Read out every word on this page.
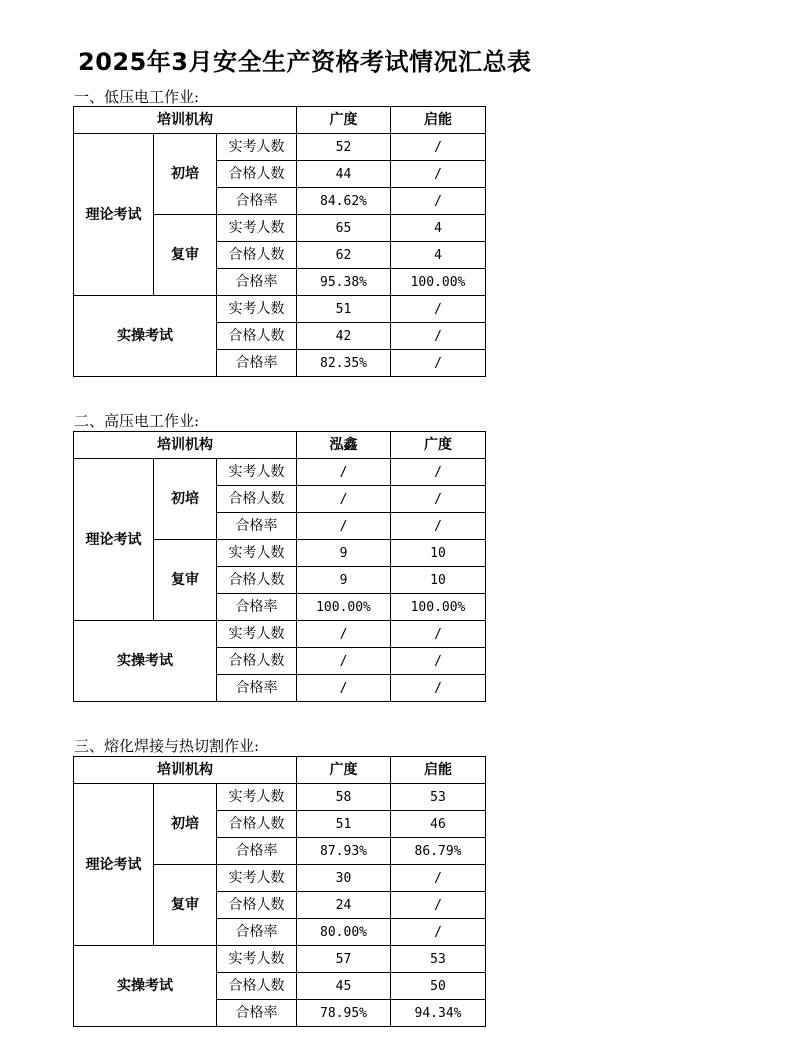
2025年3月安全生产资格考试情况汇总表
一、低压电工作业:
培训机构			广度	启能
理论考试	初培	实考人数	52	/
		合格人数	44	/
		合格率	84.62%	/
	复审	实考人数	65	4
		合格人数	62	4
		合格率	95.38%	100.00%
实操考试		实考人数	51	/
		合格人数	42	/
		合格率	82.35%	/
二、高压电工作业:
培训机构			泓鑫	广度
理论考试	初培	实考人数	/	/
		合格人数	/	/
		合格率	/	/
	复审	实考人数	9	10
		合格人数	9	10
		合格率	100.00%	100.00%
实操考试		实考人数	/	/
		合格人数	/	/
		合格率	/	/
三、熔化焊接与热切割作业:
培训机构			广度	启能
理论考试	初培	实考人数	58	53
		合格人数	51	46
		合格率	87.93%	86.79%
	复审	实考人数	30	/
		合格人数	24	/
		合格率	80.00%	/
实操考试		实考人数	57	53
		合格人数	45	50
		合格率	78.95%	94.34%
